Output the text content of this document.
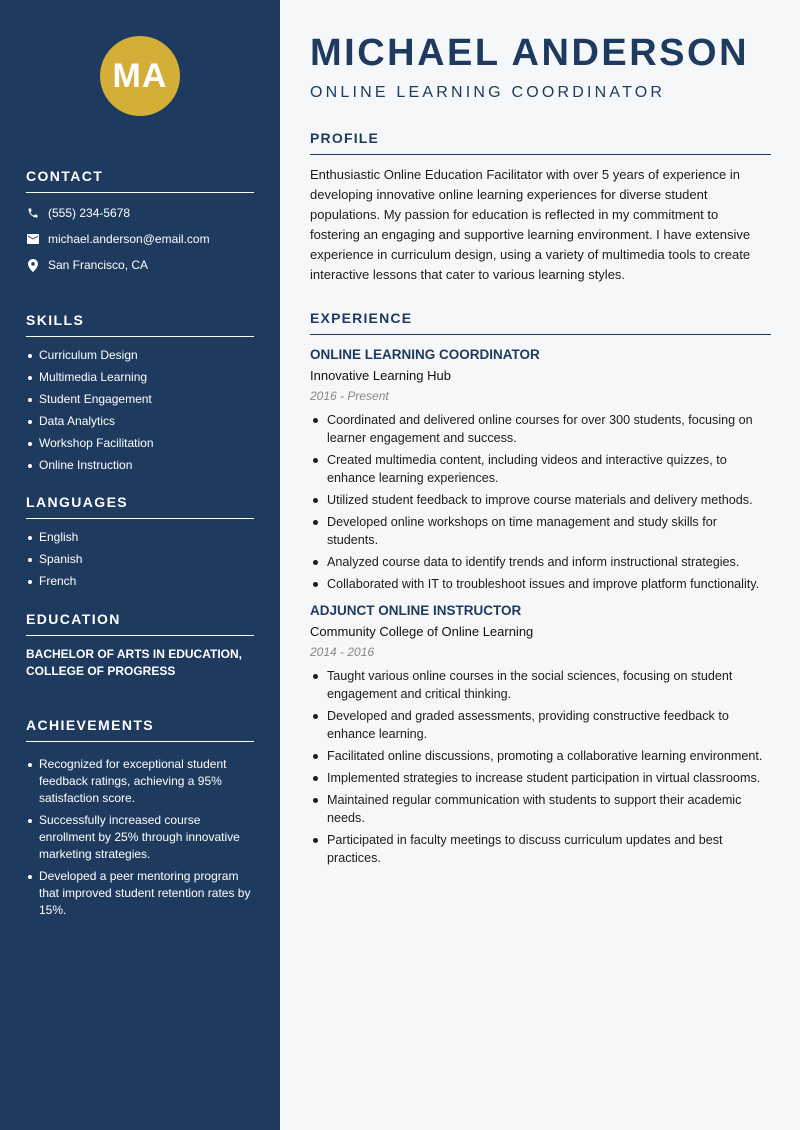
MA
CONTACT
(555) 234-5678
michael.anderson@email.com
San Francisco, CA
SKILLS
Curriculum Design
Multimedia Learning
Student Engagement
Data Analytics
Workshop Facilitation
Online Instruction
LANGUAGES
English
Spanish
French
EDUCATION
BACHELOR OF ARTS IN EDUCATION, COLLEGE OF PROGRESS
ACHIEVEMENTS
Recognized for exceptional student feedback ratings, achieving a 95% satisfaction score.
Successfully increased course enrollment by 25% through innovative marketing strategies.
Developed a peer mentoring program that improved student retention rates by 15%.
MICHAEL ANDERSON
ONLINE LEARNING COORDINATOR
PROFILE

Enthusiastic Online Education Facilitator with over 5 years of experience in developing innovative online learning experiences for diverse student populations. My passion for education is reflected in my commitment to fostering an engaging and supportive learning environment. I have extensive experience in curriculum design, using a variety of multimedia tools to create interactive lessons that cater to various learning styles.

EXPERIENCE
ONLINE LEARNING COORDINATOR
Innovative Learning Hub
2016 - Present
Coordinated and delivered online courses for over 300 students, focusing on learner engagement and success.
Created multimedia content, including videos and interactive quizzes, to enhance learning experiences.
Utilized student feedback to improve course materials and delivery methods.
Developed online workshops on time management and study skills for students.
Analyzed course data to identify trends and inform instructional strategies.
Collaborated with IT to troubleshoot issues and improve platform functionality.
ADJUNCT ONLINE INSTRUCTOR
Community College of Online Learning
2014 - 2016
Taught various online courses in the social sciences, focusing on student engagement and critical thinking.
Developed and graded assessments, providing constructive feedback to enhance learning.
Facilitated online discussions, promoting a collaborative learning environment.
Implemented strategies to increase student participation in virtual classrooms.
Maintained regular communication with students to support their academic needs.
Participated in faculty meetings to discuss curriculum updates and best practices.
